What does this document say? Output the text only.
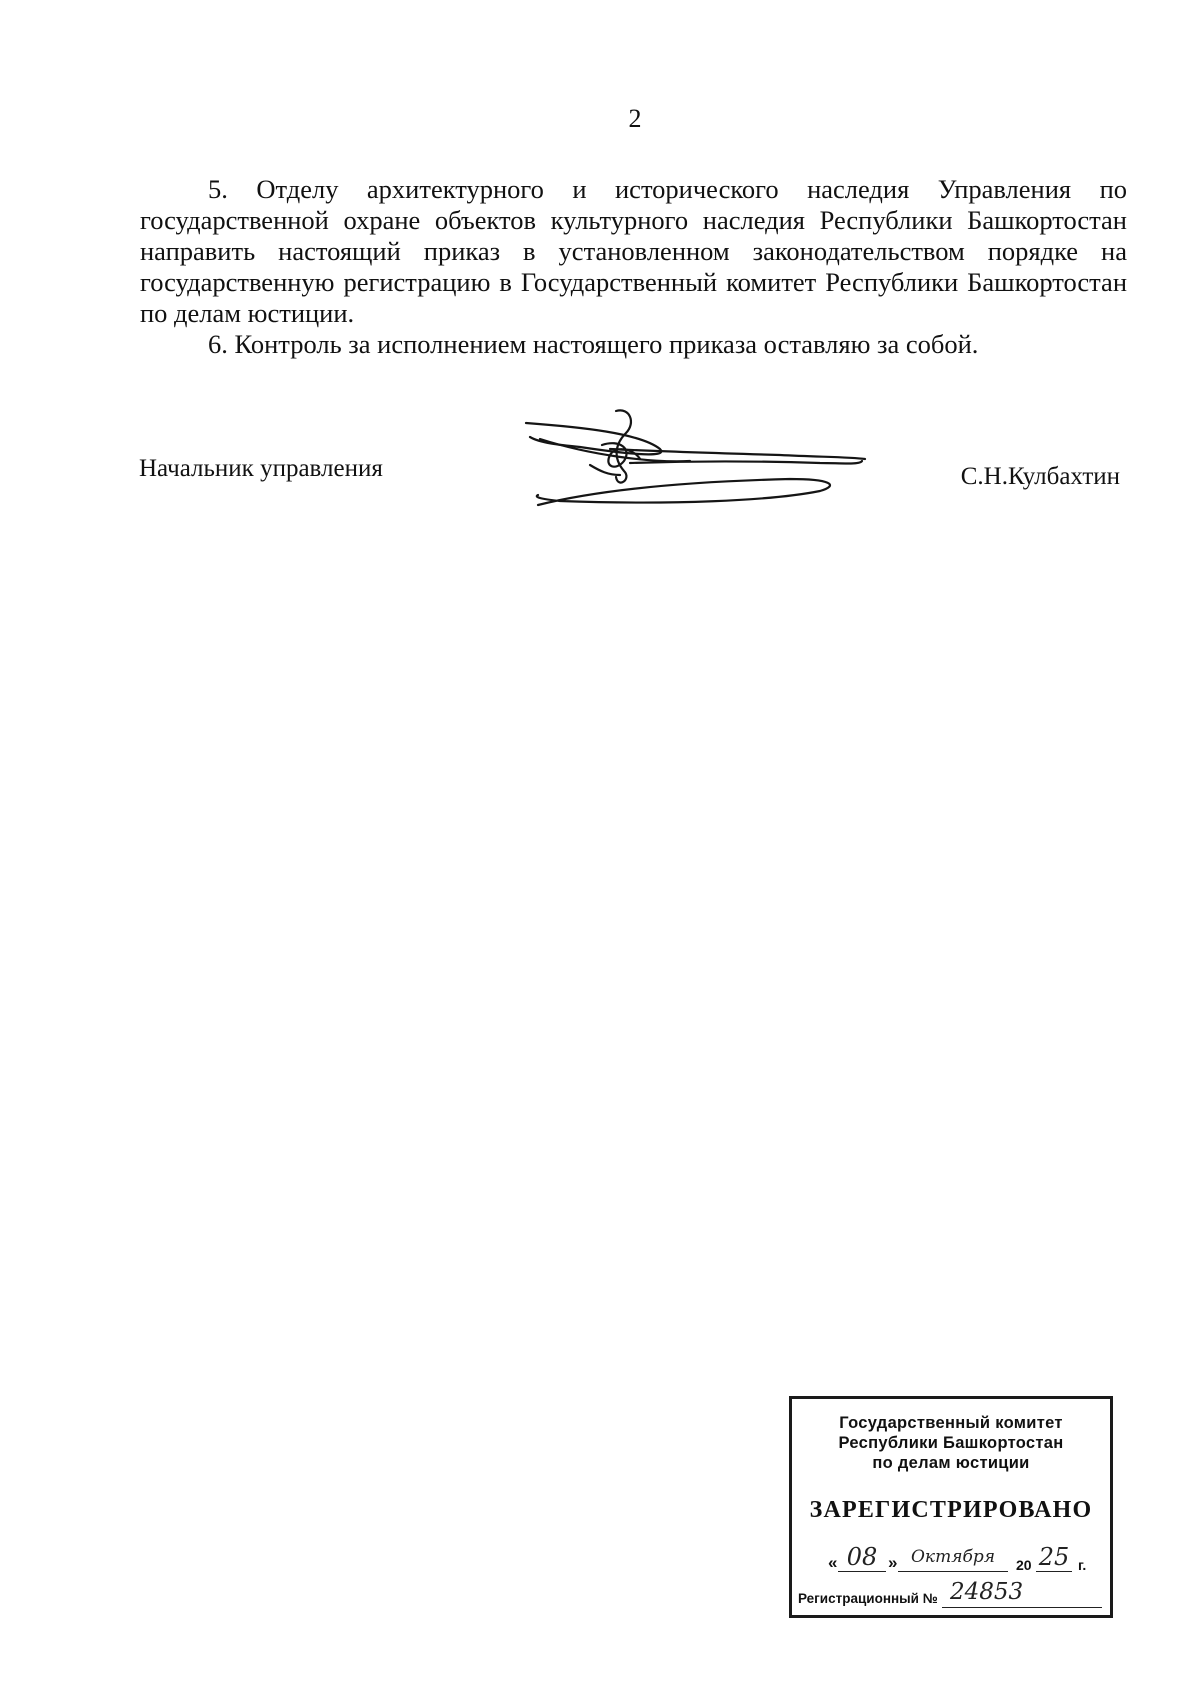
2

5. Отделу архитектурного и исторического наследия Управления по государственной охране объектов культурного наследия Республики Башкортостан направить настоящий приказ в установленном законодательством порядке на государственную регистрацию в Государственный комитет Республики Башкортостан по делам юстиции.

6. Контроль за исполнением настоящего приказа оставляю за собой.

Начальник управления	С.Н.Кулбахтин
Государственный комитет
Республики Башкортостан
по делам юстиции
ЗАРЕГИСТРИРОВАНО
« 08 » Октября	20 25 г.
Регистрационный № 24853
